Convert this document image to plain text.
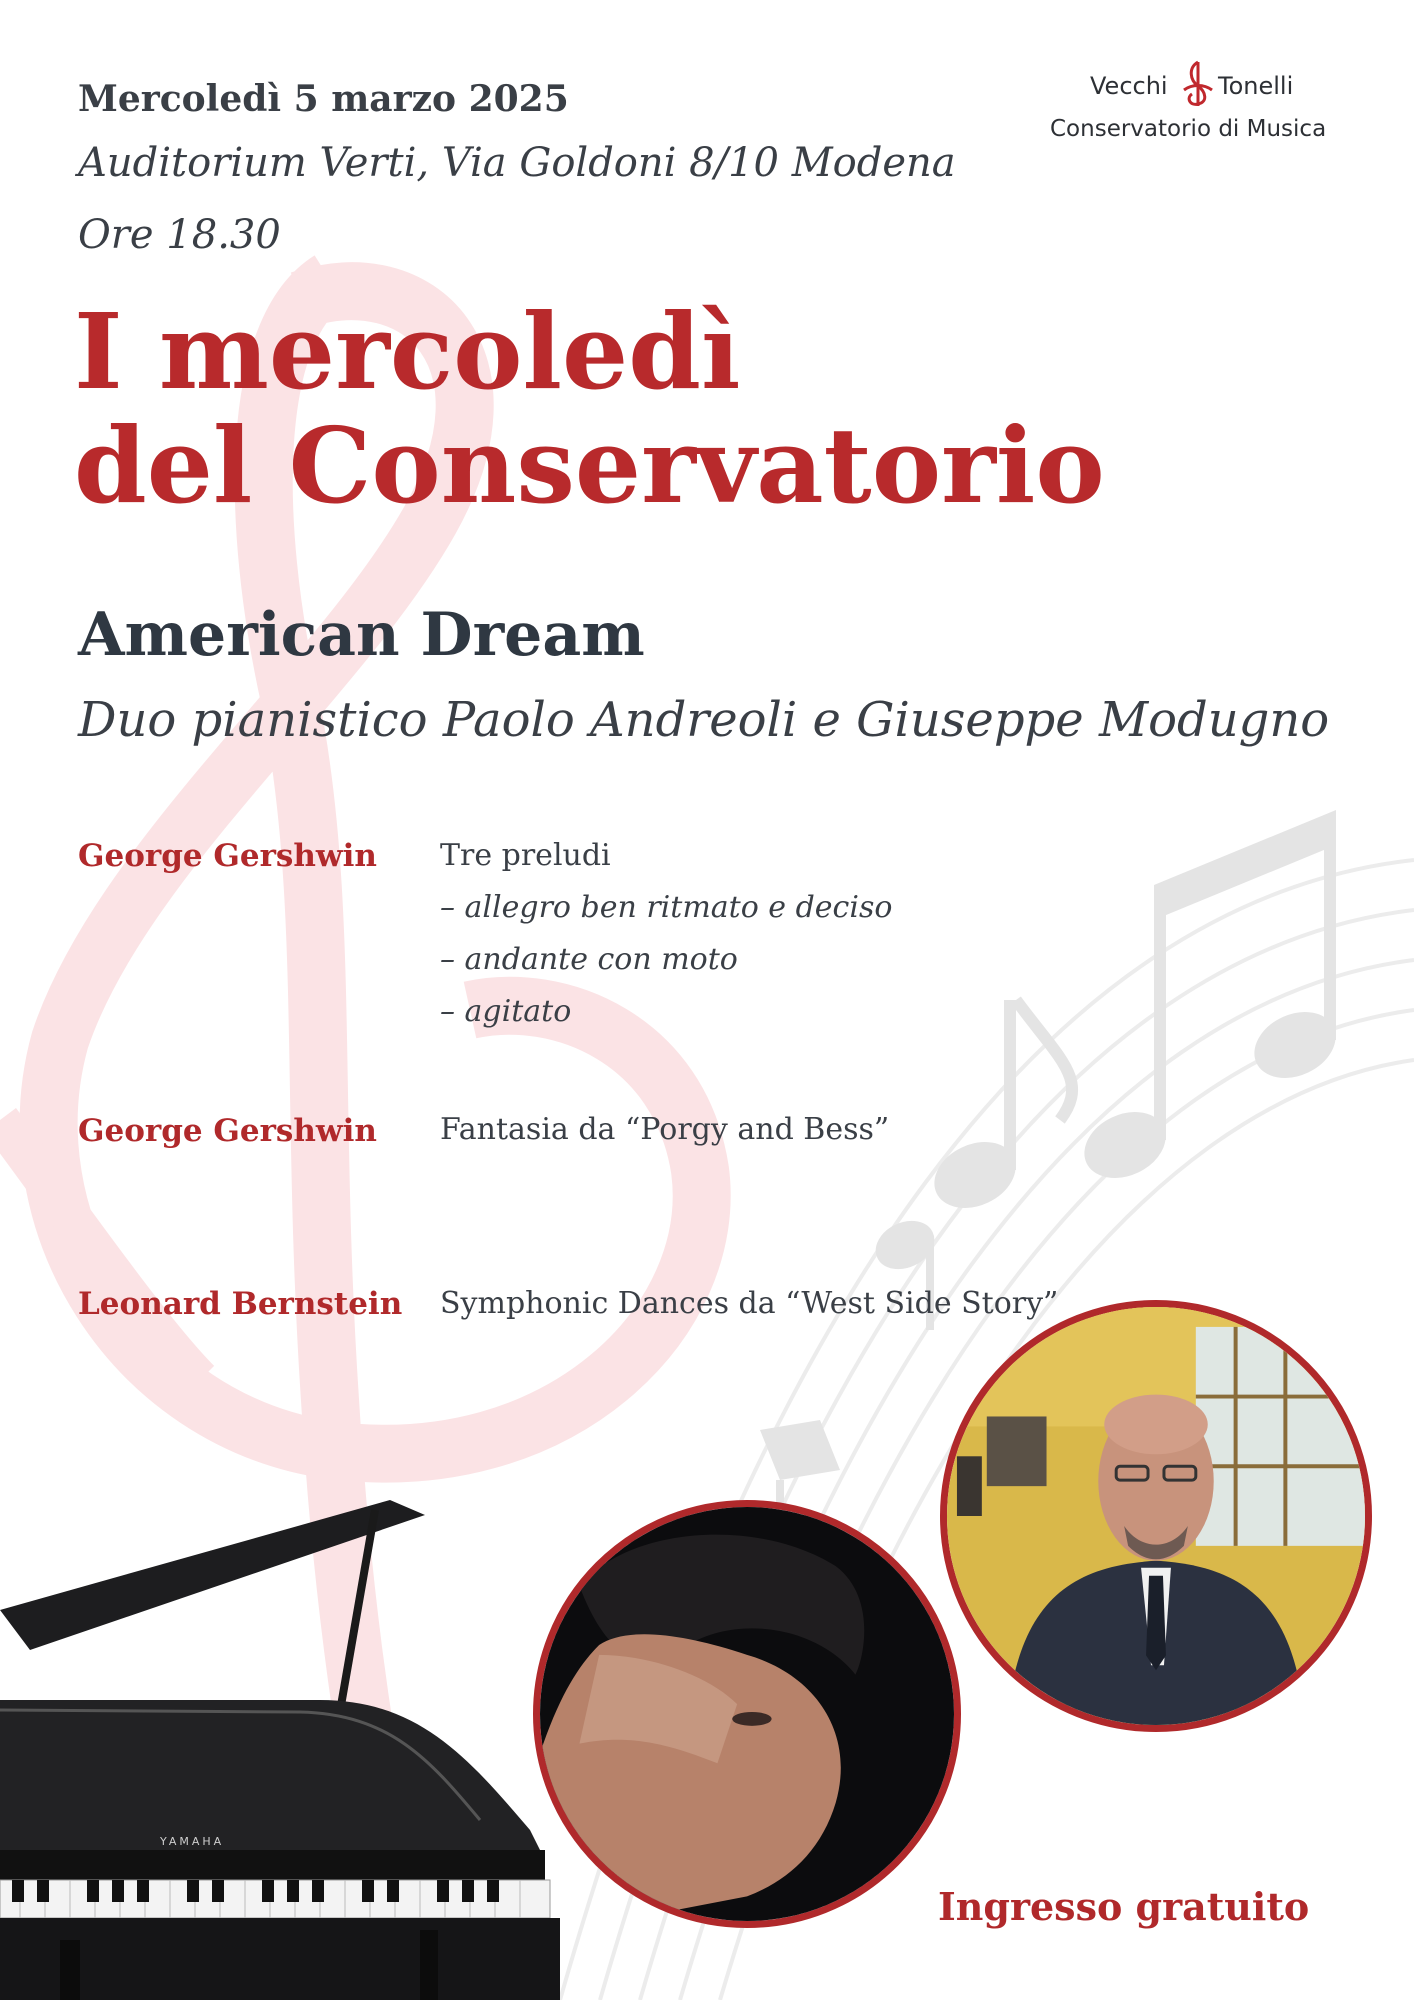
YAMAHA
Mercoledì 5 marzo 2025
Auditorium Verti, Via Goldoni 8/10 Modena
Ore 18.30
Vecchi Tonelli
Conservatorio di Musica
I mercoledì
del Conservatorio
American Dream
Duo pianistico Paolo Andreoli e Giuseppe Modugno
George Gershwin Tre preludi
– allegro ben ritmato e deciso
– andante con moto
– agitato
George Gershwin Fantasia da “Porgy and Bess”
Leonard Bernstein Symphonic Dances da “West Side Story”
Ingresso gratuito
